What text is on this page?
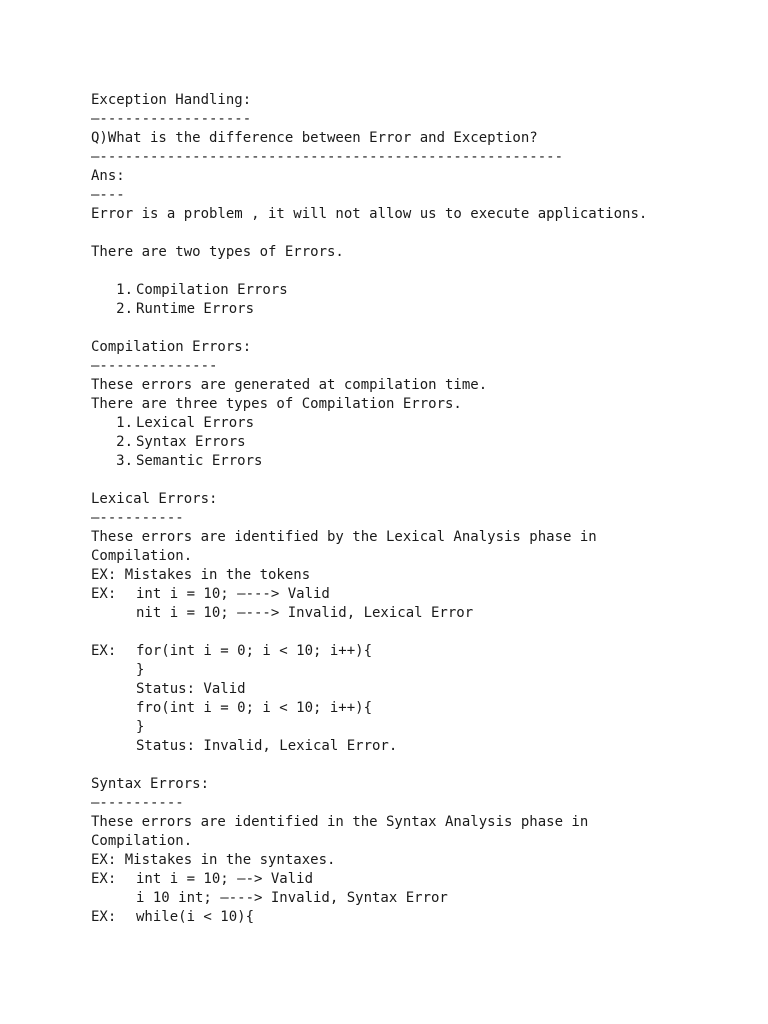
Exception Handling:
—------------------
Q)What is the difference between Error and Exception?
—-------------------------------------------------------
Ans:
—---
Error is a problem , it will not allow us to execute applications.
There are two types of Errors.
1. Compilation Errors
2. Runtime Errors
Compilation Errors:
—--------------
These errors are generated at compilation time.
There are three types of Compilation Errors.
1. Lexical Errors
2. Syntax Errors
3. Semantic Errors
Lexical Errors:
—----------
These errors are identified by the Lexical Analysis phase in
Compilation.
EX: Mistakes in the tokens
EX: int i = 10; —---> Valid
nit i = 10; —---> Invalid, Lexical Error
EX: for(int i = 0; i < 10; i++){
}
Status: Valid
fro(int i = 0; i < 10; i++){
}
Status: Invalid, Lexical Error.
Syntax Errors:
—----------
These errors are identified in the Syntax Analysis phase in
Compilation.
EX: Mistakes in the syntaxes.
EX: int i = 10; —-> Valid
i 10 int; —---> Invalid, Syntax Error
EX: while(i < 10){
